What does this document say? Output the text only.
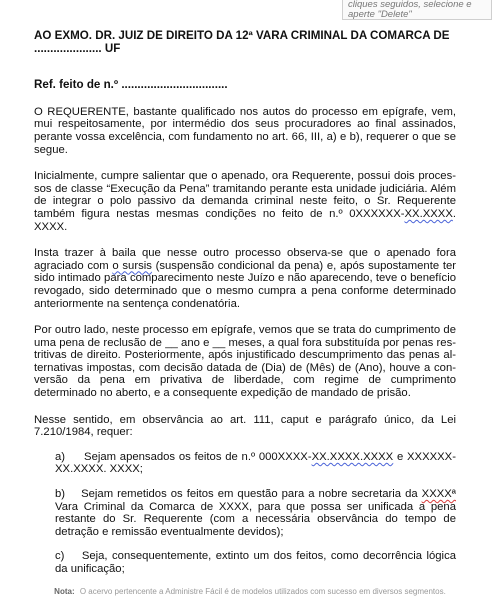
cliques seguidos, selecione e
aperte "Delete"

AO EXMO. DR. JUIZ DE DIREITO DA 12ª VARA CRIMINAL DA COMARCA DE
..................... UF

Ref. feito de n.º .................................

O REQUERENTE, bastante qualificado nos autos do processo em epígrafe, vem, mui respeitosamente, por intermédio dos seus procuradores ao final assinados, perante vossa excelência, com fundamento no art. 66, III, a) e b), requerer o que se segue.

Inicialmente, cumpre salientar que o apenado, ora Requerente, possui dois processos de classe “Execução da Pena” tramitando perante esta unidade judiciária. Além de integrar o polo passivo da demanda criminal neste feito, o Sr. Requerente também figura nestas mesmas condições no feito de n.º 0XXXXXX-XX.XXXX. XXXX.

Insta trazer à baila que nesse outro processo observa-se que o apenado fora agraciado com o sursis (suspensão condicional da pena) e, após supostamente ter sido intimado para comparecimento neste Juízo e não aparecendo, teve o benefício revogado, sido determinado que o mesmo cumpra a pena conforme determinado anteriormente na sentença condenatória.

Por outro lado, neste processo em epígrafe, vemos que se trata do cumprimento de uma pena de reclusão de __ ano e __ meses, a qual fora substituída por penas restritivas de direito. Posteriormente, após injustificado descumprimento das penas alternativas impostas, com decisão datada de (Dia) de (Mês) de (Ano), houve a conversão da pena em privativa de liberdade, com regime de cumprimento determinado no aberto, e a consequente expedição de mandado de prisão.

Nesse sentido, em observância ao art. 111, caput e parágrafo único, da Lei 7.210/1984, requer:

a) Sejam apensados os feitos de n.º 000XXXX-XX.XXXX.XXXX e XXXXXX-XX.XXXX. XXXX;

b) Sejam remetidos os feitos em questão para a nobre secretaria da XXXXª Vara Criminal da Comarca de XXXX, para que possa ser unificada a pena restante do Sr. Requerente (com a necessária observância do tempo de detração e remissão eventualmente devidos);

c) Seja, consequentemente, extinto um dos feitos, como decorrência lógica da unificação;

Nota: O acervo pertencente a Administre Fácil é de modelos utilizados com sucesso em diversos segmentos.
